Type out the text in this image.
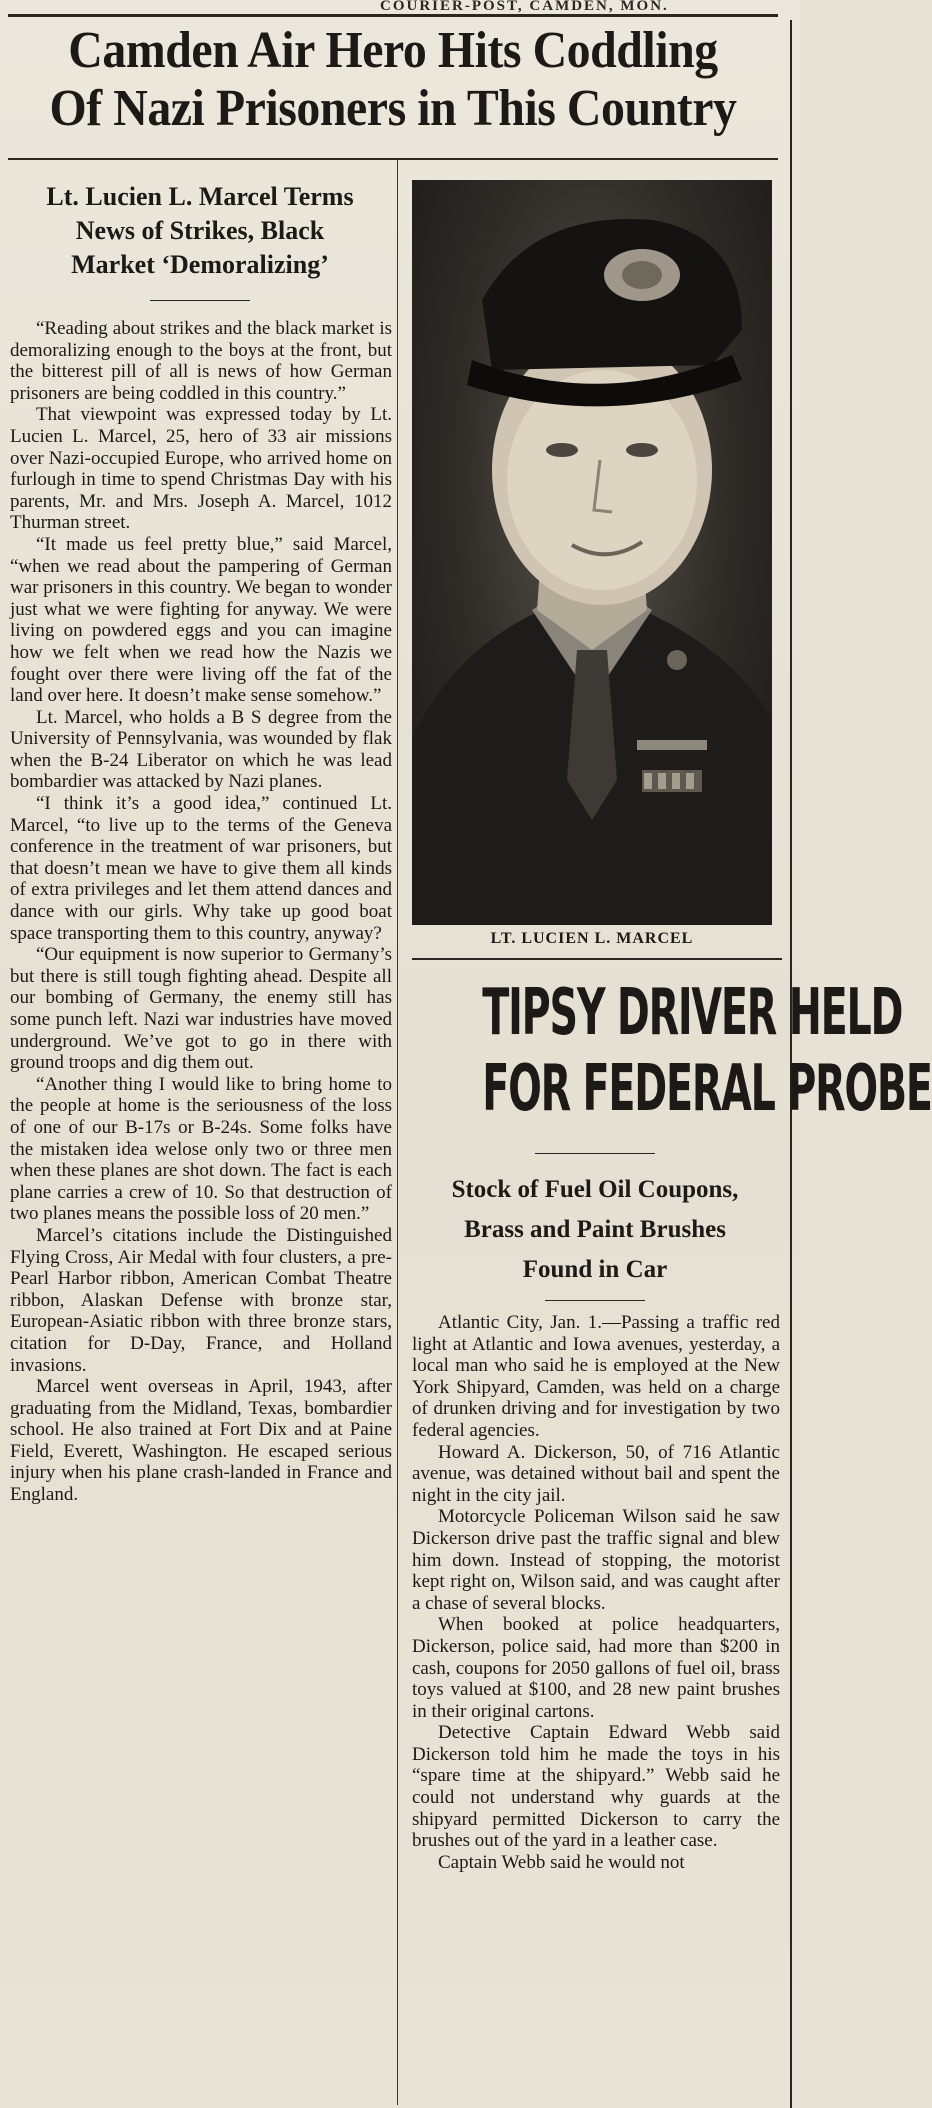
COURIER-POST, CAMDEN, MON.
Camden Air Hero Hits Coddling
Of Nazi Prisoners in This Country
Lt. Lucien L. Marcel Terms
News of Strikes, Black
Market ‘Demoralizing’

“Reading about strikes and the black market is demoralizing enough to the boys at the front, but the bitterest pill of all is news of how German prisoners are being coddled in this country.”

That viewpoint was expressed today by Lt. Lucien L. Marcel, 25, hero of 33 air missions over Nazi-occupied Europe, who arrived home on furlough in time to spend Christmas Day with his parents, Mr. and Mrs. Joseph A. Marcel, 1012 Thurman street.

“It made us feel pretty blue,” said Marcel, “when we read about the pampering of German war prisoners in this country. We began to wonder just what we were fighting for anyway. We were living on powdered eggs and you can imagine how we felt when we read how the Nazis we fought over there were living off the fat of the land over here. It doesn’t make sense somehow.”

Lt. Marcel, who holds a B S degree from the University of Pennsylvania, was wounded by flak when the B-24 Liberator on which he was lead bombardier was attacked by Nazi planes.

“I think it’s a good idea,” continued Lt. Marcel, “to live up to the terms of the Geneva conference in the treatment of war prisoners, but that doesn’t mean we have to give them all kinds of extra privileges and let them attend dances and dance with our girls. Why take up good boat space transporting them to this country, anyway?

“Our equipment is now superior to Germany’s but there is still tough fighting ahead. Despite all our bombing of Germany, the enemy still has some punch left. Nazi war industries have moved underground. We’ve got to go in there with ground troops and dig them out.

“Another thing I would like to bring home to the people at home is the seriousness of the loss of one of our B-17s or B-24s. Some folks have the mistaken idea welose only two or three men when these planes are shot down. The fact is each plane carries a crew of 10. So that destruction of two planes means the possible loss of 20 men.”

Marcel’s citations include the Distinguished Flying Cross, Air Medal with four clusters, a pre-Pearl Harbor ribbon, American Combat Theatre ribbon, Alaskan Defense with bronze star, European-Asiatic ribbon with three bronze stars, citation for D-Day, France, and Holland invasions.

Marcel went overseas in April, 1943, after graduating from the Midland, Texas, bombardier school. He also trained at Fort Dix and at Paine Field, Everett, Washington. He escaped serious injury when his plane crash-landed in France and England.

LT. LUCIEN L. MARCEL
TIPSY DRIVER HELD
FOR FEDERAL PROBE
Stock of Fuel Oil Coupons,
Brass and Paint Brushes
Found in Car

Atlantic City, Jan. 1.—Passing a traffic red light at Atlantic and Iowa avenues, yesterday, a local man who said he is employed at the New York Shipyard, Camden, was held on a charge of drunken driving and for investigation by two federal agencies.

Howard A. Dickerson, 50, of 716 Atlantic avenue, was detained without bail and spent the night in the city jail.

Motorcycle Policeman Wilson said he saw Dickerson drive past the traffic signal and blew him down. Instead of stopping, the motorist kept right on, Wilson said, and was caught after a chase of several blocks.

When booked at police headquarters, Dickerson, police said, had more than $200 in cash, coupons for 2050 gallons of fuel oil, brass toys valued at $100, and 28 new paint brushes in their original cartons.

Detective Captain Edward Webb said Dickerson told him he made the toys in his “spare time at the shipyard.” Webb said he could not understand why guards at the shipyard permitted Dickerson to carry the brushes out of the yard in a leather case.

Captain Webb said he would not
